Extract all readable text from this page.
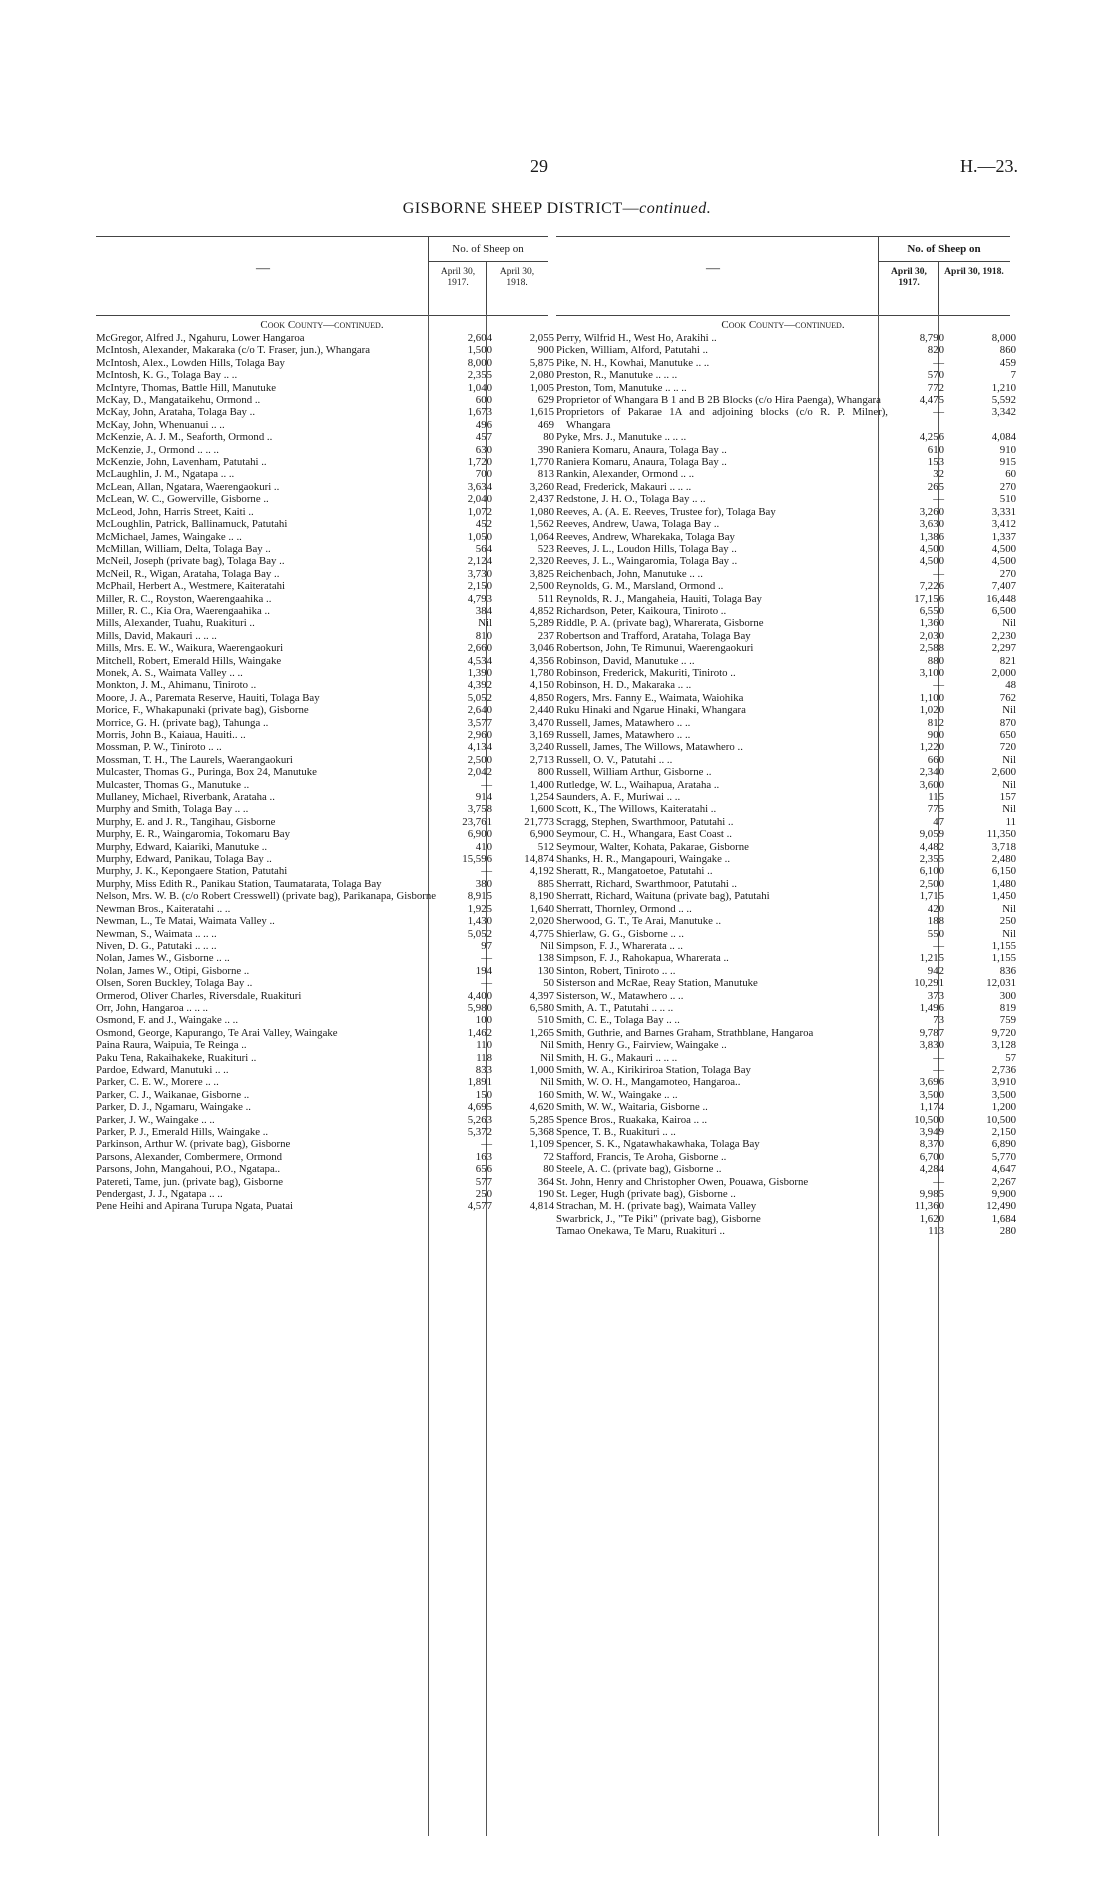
29	H.—23.
GISBORNE SHEEP DISTRICT—continued.
—
No. of Sheep on
April 30, 1917.
April 30, 1918.
Cook County—continued.
McGregor, Alfred J., Ngahuru, Lower Hangaroa	2,604	2,055
McIntosh, Alexander, Makaraka (c/o T. Fraser, jun.), Whangara	1,500	900
McIntosh, Alex., Lowden Hills, Tolaga Bay	8,000	5,875
McIntosh, K. G., Tolaga Bay .. ..	2,355	2,080
McIntyre, Thomas, Battle Hill, Manutuke	1,040	1,005
McKay, D., Mangataikehu, Ormond ..	600	629
McKay, John, Arataha, Tolaga Bay ..	1,673	1,615
McKay, John, Whenuanui .. ..	496	469
McKenzie, A. J. M., Seaforth, Ormond ..	457	80
McKenzie, J., Ormond .. .. ..	630	390
McKenzie, John, Lavenham, Patutahi ..	1,720	1,770
McLaughlin, J. M., Ngatapa .. ..	700	813
McLean, Allan, Ngatara, Waerengaokuri ..	3,634	3,260
McLean, W. C., Gowerville, Gisborne ..	2,040	2,437
McLeod, John, Harris Street, Kaiti ..	1,072	1,080
McLoughlin, Patrick, Ballinamuck, Patutahi	452	1,562
McMichael, James, Waingake .. ..	1,050	1,064
McMillan, William, Delta, Tolaga Bay ..	564	523
McNeil, Joseph (private bag), Tolaga Bay ..	2,124	2,320
McNeil, R., Wigan, Arataha, Tolaga Bay ..	3,730	3,825
McPhail, Herbert A., Westmere, Kaiteratahi	2,150	2,500
Miller, R. C., Royston, Waerengaahika ..	4,793	511
Miller, R. C., Kia Ora, Waerengaahika ..	384	4,852
Mills, Alexander, Tuahu, Ruakituri ..	Nil	5,289
Mills, David, Makauri .. .. ..	810	237
Mills, Mrs. E. W., Waikura, Waerengaokuri	2,660	3,046
Mitchell, Robert, Emerald Hills, Waingake	4,534	4,356
Monek, A. S., Waimata Valley .. ..	1,390	1,780
Monkton, J. M., Ahimanu, Tiniroto ..	4,392	4,150
Moore, J. A., Paremata Reserve, Hauiti, Tolaga Bay	5,052	4,850
Morice, F., Whakapunaki (private bag), Gisborne	2,640	2,440
Morrice, G. H. (private bag), Tahunga ..	3,577	3,470
Morris, John B., Kaiaua, Hauiti.. ..	2,960	3,169
Mossman, P. W., Tiniroto .. ..	4,134	3,240
Mossman, T. H., The Laurels, Waerangaokuri	2,500	2,713
Mulcaster, Thomas G., Puringa, Box 24, Manutuke	2,042	800
Mulcaster, Thomas G., Manutuke ..	—	1,400
Mullaney, Michael, Riverbank, Arataha ..	914	1,254
Murphy and Smith, Tolaga Bay .. ..	3,758	1,600
Murphy, E. and J. R., Tangihau, Gisborne	23,761	21,773
Murphy, E. R., Waingaromia, Tokomaru Bay	6,900	6,900
Murphy, Edward, Kaiariki, Manutuke ..	410	512
Murphy, Edward, Panikau, Tolaga Bay ..	15,596	14,874
Murphy, J. K., Kepongaere Station, Patutahi	—	4,192
Murphy, Miss Edith R., Panikau Station, Taumatarata, Tolaga Bay	380	885
Nelson, Mrs. W. B. (c/o Robert Cresswell) (private bag), Parikanapa, Gisborne	8,915	8,190
Newman Bros., Kaiteratahi .. ..	1,925	1,640
Newman, L., Te Matai, Waimata Valley ..	1,430	2,020
Newman, S., Waimata .. .. ..	5,052	4,775
Niven, D. G., Patutaki .. .. ..	97	Nil
Nolan, James W., Gisborne .. ..	—	138
Nolan, James W., Otipi, Gisborne ..	194	130
Olsen, Soren Buckley, Tolaga Bay ..	—	50
Ormerod, Oliver Charles, Riversdale, Ruakituri	4,400	4,397
Orr, John, Hangaroa .. .. ..	5,980	6,580
Osmond, F. and J., Waingake .. ..	100	510
Osmond, George, Kapurango, Te Arai Valley, Waingake	1,462	1,265
Paina Raura, Waipuia, Te Reinga ..	110	Nil
Paku Tena, Rakaihakeke, Ruakituri ..	118	Nil
Pardoe, Edward, Manutuki .. ..	833	1,000
Parker, C. E. W., Morere .. ..	1,891	Nil
Parker, C. J., Waikanae, Gisborne ..	150	160
Parker, D. J., Ngamaru, Waingake ..	4,695	4,620
Parker, J. W., Waingake .. ..	5,263	5,285
Parker, P. J., Emerald Hills, Waingake ..	5,372	5,368
Parkinson, Arthur W. (private bag), Gisborne	—	1,109
Parsons, Alexander, Combermere, Ormond	163	72
Parsons, John, Mangahoui, P.O., Ngatapa..	656	80
Patereti, Tame, jun. (private bag), Gisborne	577	364
Pendergast, J. J., Ngatapa .. ..	250	190
Pene Heihi and Apirana Turupa Ngata, Puatai	4,577	4,814
—
No. of Sheep on
April 30, 1917.
April 30, 1918.
Cook County—continued.
Perry, Wilfrid H., West Ho, Arakihi ..	8,790	8,000
Picken, William, Alford, Patutahi ..	820	860
Pike, N. H., Kowhai, Manutuke .. ..	—	459
Preston, R., Manutuke .. .. ..	570	7
Preston, Tom, Manutuke .. .. ..	772	1,210
Proprietor of Whangara B 1 and B 2B Blocks (c/o Hira Paenga), Whangara	4,475	5,592
Proprietors of Pakarae 1A and adjoining blocks (c/o R. P. Milner), Whangara
—	3,342
Pyke, Mrs. J., Manutuke .. .. ..	4,256	4,084
Raniera Komaru, Anaura, Tolaga Bay ..	610	910
Raniera Komaru, Anaura, Tolaga Bay ..	153	915
Rankin, Alexander, Ormond .. ..	32	60
Read, Frederick, Makauri .. .. ..	265	270
Redstone, J. H. O., Tolaga Bay .. ..	—	510
Reeves, A. (A. E. Reeves, Trustee for), Tolaga Bay	3,260	3,331
Reeves, Andrew, Uawa, Tolaga Bay ..	3,630	3,412
Reeves, Andrew, Wharekaka, Tolaga Bay	1,386	1,337
Reeves, J. L., Loudon Hills, Tolaga Bay ..	4,500	4,500
Reeves, J. L., Waingaromia, Tolaga Bay ..	4,500	4,500
Reichenbach, John, Manutuke .. ..	—	270
Reynolds, G. M., Marsland, Ormond ..	7,226	7,407
Reynolds, R. J., Mangaheia, Hauiti, Tolaga Bay	17,156	16,448
Richardson, Peter, Kaikoura, Tiniroto ..	6,550	6,500
Riddle, P. A. (private bag), Wharerata, Gisborne	1,360	Nil
Robertson and Trafford, Arataha, Tolaga Bay	2,030	2,230
Robertson, John, Te Rimunui, Waerengaokuri	2,588	2,297
Robinson, David, Manutuke .. ..	880	821
Robinson, Frederick, Makuriti, Tiniroto ..	3,100	2,000
Robinson, H. D., Makaraka .. ..	—	48
Rogers, Mrs. Fanny E., Waimata, Waiohika	1,100	762
Ruku Hinaki and Ngarue Hinaki, Whangara	1,020	Nil
Russell, James, Matawhero .. ..	812	870
Russell, James, Matawhero .. ..	900	650
Russell, James, The Willows, Matawhero ..	1,220	720
Russell, O. V., Patutahi .. ..	660	Nil
Russell, William Arthur, Gisborne ..	2,340	2,600
Rutledge, W. L., Waihapua, Arataha ..	3,600	Nil
Saunders, A. F., Muriwai .. ..	115	157
Scott, K., The Willows, Kaiteratahi ..	775	Nil
Scragg, Stephen, Swarthmoor, Patutahi ..	47	11
Seymour, C. H., Whangara, East Coast ..	9,059	11,350
Seymour, Walter, Kohata, Pakarae, Gisborne	4,482	3,718
Shanks, H. R., Mangapouri, Waingake ..	2,355	2,480
Sheratt, R., Mangatoetoe, Patutahi ..	6,100	6,150
Sherratt, Richard, Swarthmoor, Patutahi ..	2,500	1,480
Sherratt, Richard, Waituna (private bag), Patutahi	1,715	1,450
Sherratt, Thornley, Ormond .. ..	420	Nil
Sherwood, G. T., Te Arai, Manutuke ..	188	250
Shierlaw, G. G., Gisborne .. ..	550	Nil
Simpson, F. J., Wharerata .. ..	—	1,155
Simpson, F. J., Rahokapua, Wharerata ..	1,215	1,155
Sinton, Robert, Tiniroto .. ..	942	836
Sisterson and McRae, Reay Station, Manutuke	10,291	12,031
Sisterson, W., Matawhero .. ..	373	300
Smith, A. T., Patutahi .. .. ..	1,496	819
Smith, C. E., Tolaga Bay .. ..	73	759
Smith, Guthrie, and Barnes Graham, Strathblane, Hangaroa	9,787	9,720
Smith, Henry G., Fairview, Waingake ..	3,830	3,128
Smith, H. G., Makauri .. .. ..	—	57
Smith, W. A., Kirikiriroa Station, Tolaga Bay	—	2,736
Smith, W. O. H., Mangamoteo, Hangaroa..	3,696	3,910
Smith, W. W., Waingake .. ..	3,500	3,500
Smith, W. W., Waitaria, Gisborne ..	1,174	1,200
Spence Bros., Ruakaka, Kairoa .. ..	10,500	10,500
Spence, T. B., Ruakituri .. ..	3,949	2,150
Spencer, S. K., Ngatawhakawhaka, Tolaga Bay	8,370	6,890
Stafford, Francis, Te Aroha, Gisborne ..	6,700	5,770
Steele, A. C. (private bag), Gisborne ..	4,284	4,647
St. John, Henry and Christopher Owen, Pouawa, Gisborne	—	2,267
St. Leger, Hugh (private bag), Gisborne ..	9,985	9,900
Strachan, M. H. (private bag), Waimata Valley	11,360	12,490
Swarbrick, J., "Te Piki" (private bag), Gisborne	1,620	1,684
Tamao Onekawa, Te Maru, Ruakituri ..	113	280
